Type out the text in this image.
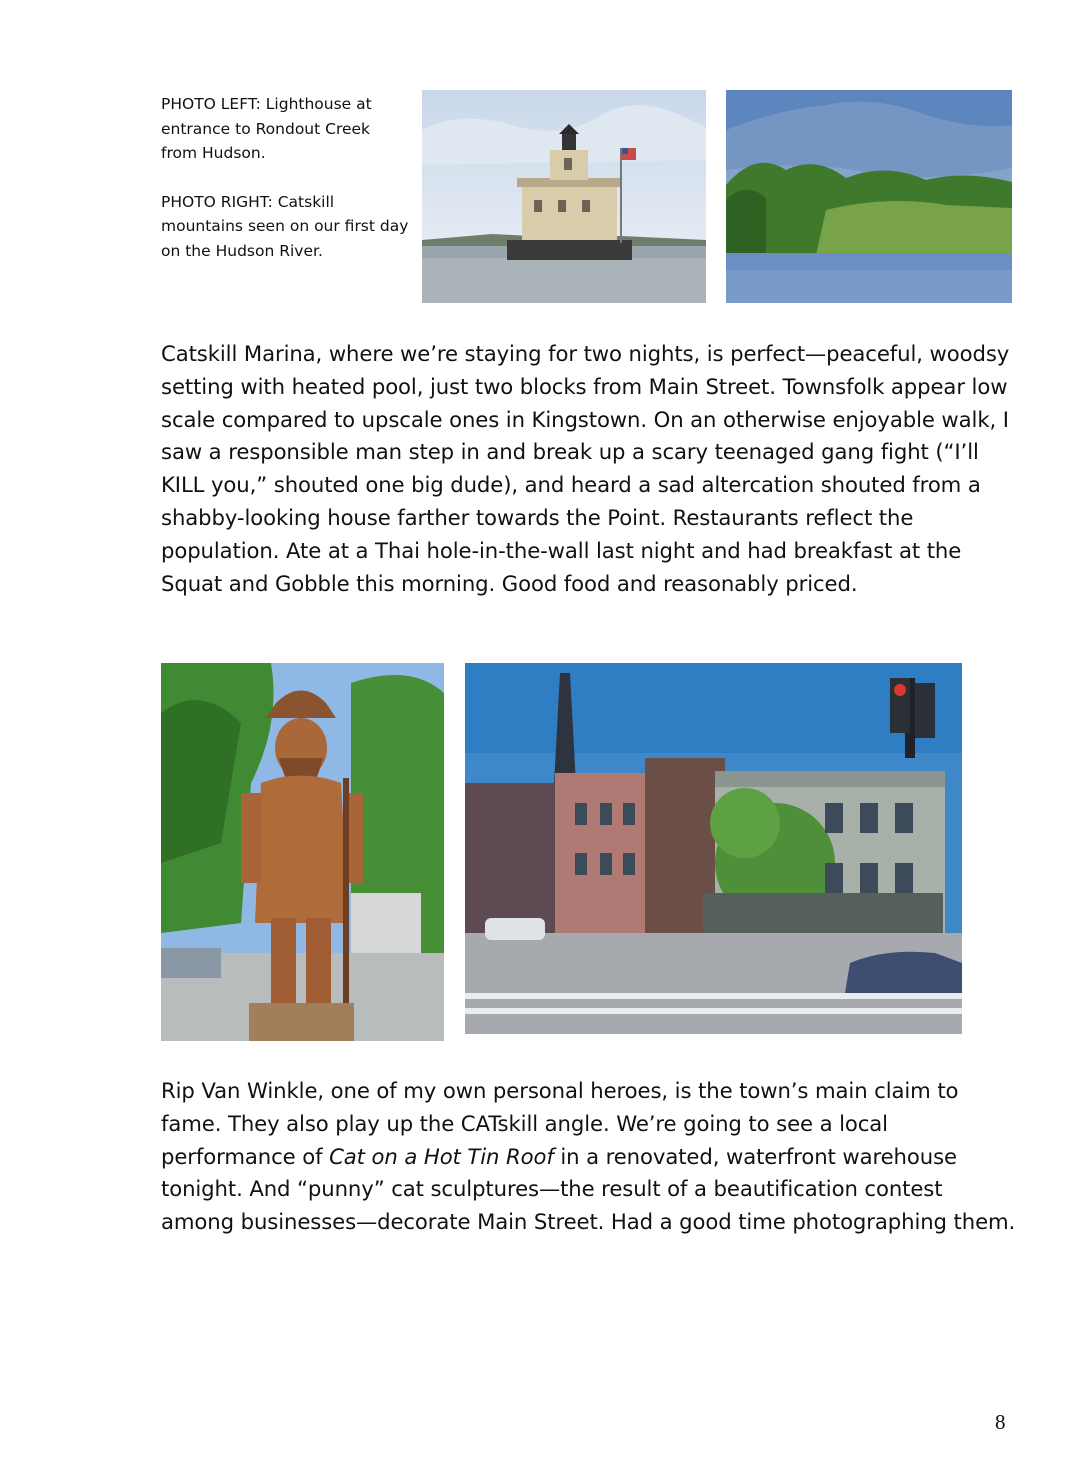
PHOTO LEFT: Lighthouse at entrance to Rondout Creek from Hudson.

PHOTO RIGHT: Catskill mountains seen on our first day on the Hudson River.

Catskill Marina, where we’re staying for two nights, is perfect—peaceful, woodsy setting with heated pool, just two blocks from Main Street. Townsfolk appear low scale compared to upscale ones in Kingstown. On an otherwise enjoyable walk, I saw a responsible man step in and break up a scary teenaged gang fight (“I’ll KILL you,” shouted one big dude), and heard a sad altercation shouted from a shabby-looking house farther towards the Point. Restaurants reflect the population. Ate at a Thai hole-in-the-wall last night and had breakfast at the Squat and Gobble this morning. Good food and reasonably priced.

Rip Van Winkle, one of my own personal heroes, is the town’s main claim to fame. They also play up the CATskill angle. We’re going to see a local performance of Cat on a Hot Tin Roof in a renovated, waterfront warehouse tonight. And “punny” cat sculptures—the result of a beautification contest among businesses—decorate Main Street. Had a good time photographing them.

8
